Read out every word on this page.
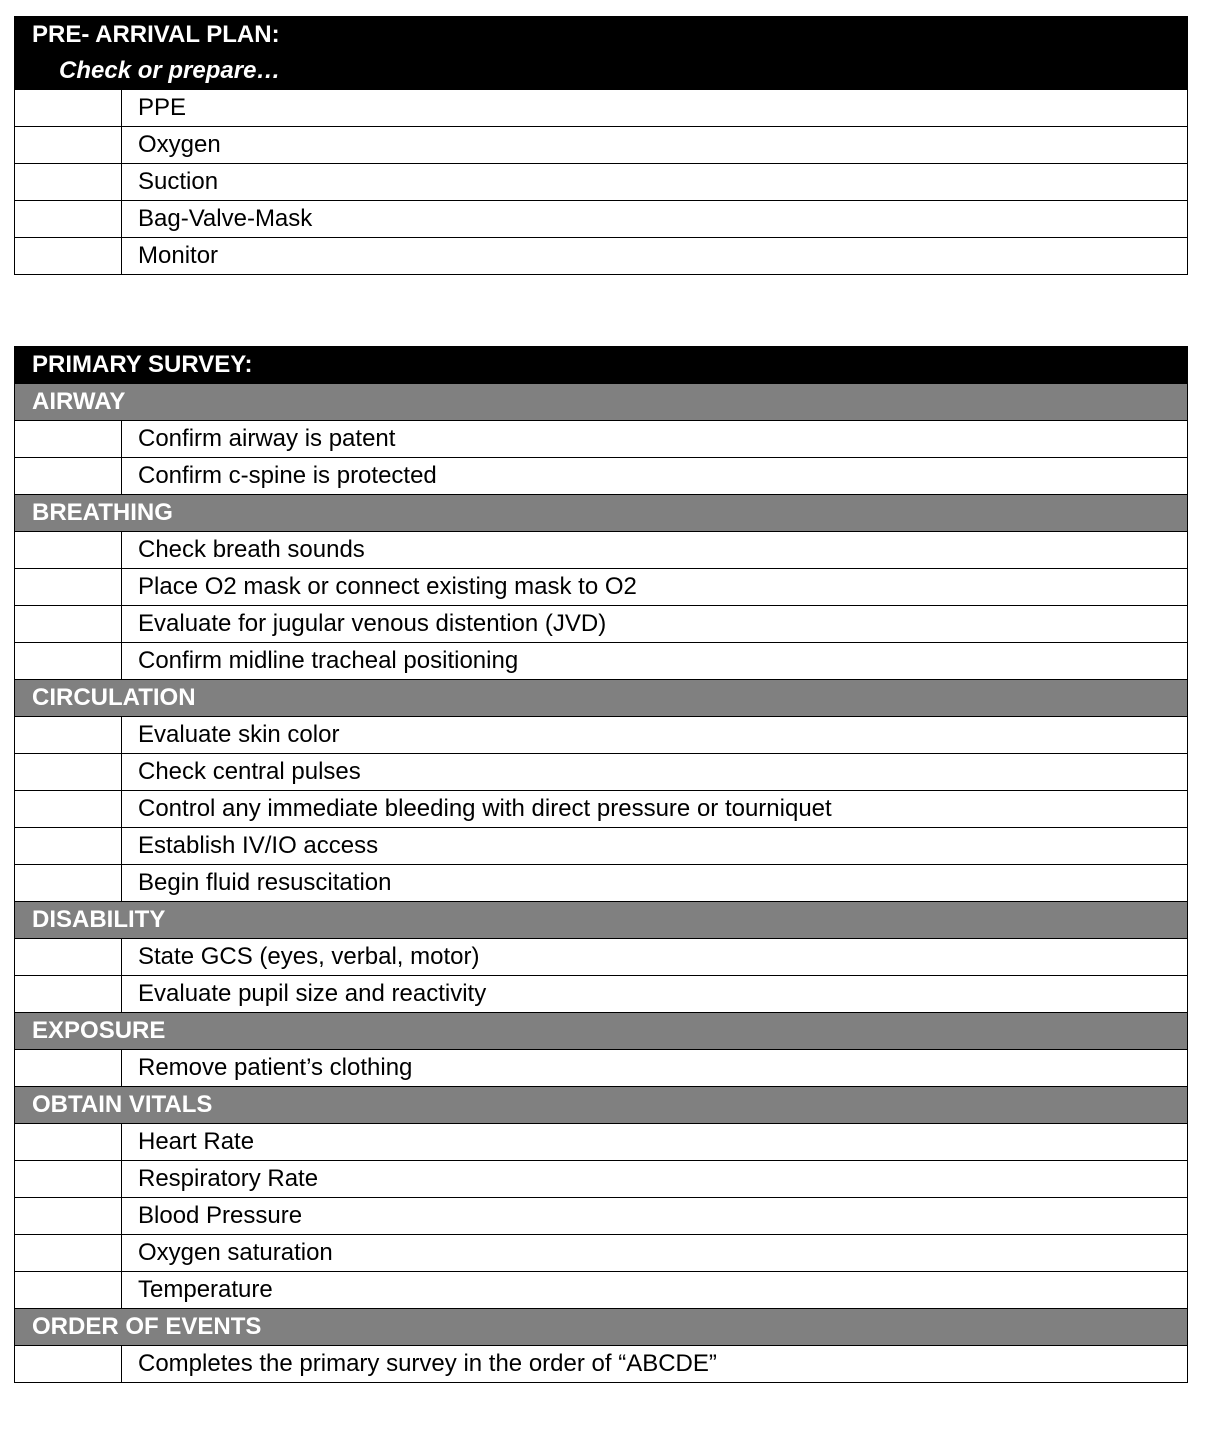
PRE- ARRIVAL PLAN:
Check or prepare…	

	PPE
	Oxygen
	Suction
	Bag-Valve-Mask
	Monitor
PRIMARY SURVEY:	

AIRWAY	
	Confirm airway is patent
	Confirm c-spine is protected
BREATHING	
	Check breath sounds
	Place O2 mask or connect existing mask to O2
	Evaluate for jugular venous distention (JVD)
	Confirm midline tracheal positioning
CIRCULATION	
	Evaluate skin color
	Check central pulses
	Control any immediate bleeding with direct pressure or tourniquet
	Establish IV/IO access
	Begin fluid resuscitation
DISABILITY	
	State GCS (eyes, verbal, motor)
	Evaluate pupil size and reactivity
EXPOSURE	
	Remove patient’s clothing
OBTAIN VITALS	
	Heart Rate
	Respiratory Rate
	Blood Pressure
	Oxygen saturation
	Temperature
ORDER OF EVENTS	
	Completes the primary survey in the order of “ABCDE”
